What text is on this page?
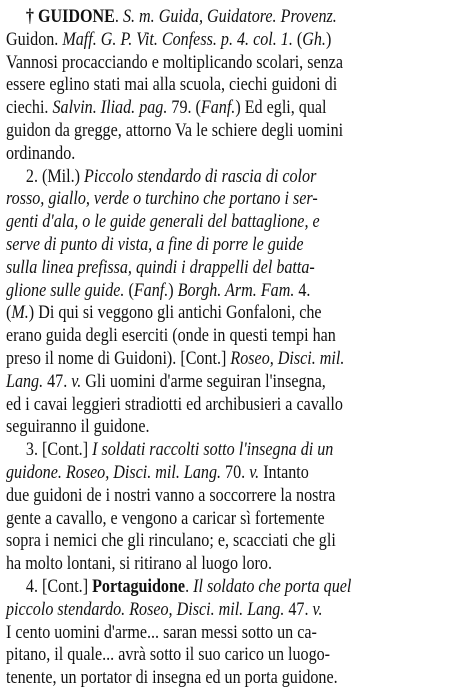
† GUIDONE. S. m. Guida, Guidatore. Provenz.
Guidon. Maff. G. P. Vit. Confess. p. 4. col. 1. (Gh.)
Vannosi procacciando e moltiplicando scolari, senza
essere eglino stati mai alla scuola, ciechi guidoni di
ciechi. Salvin. Iliad. pag. 79. (Fanf.) Ed egli, qual
guidon da gregge, attorno Va le schiere degli uomini
ordinando.
2. (Mil.) Piccolo stendardo di rascia di color
rosso, giallo, verde o turchino che portano i ser-
genti d'ala, o le guide generali del battaglione, e
serve di punto di vista, a fine di porre le guide
sulla linea prefissa, quindi i drappelli del batta-
glione sulle guide. (Fanf.) Borgh. Arm. Fam. 4.
(M.) Di qui si veggono gli antichi Gonfaloni, che
erano guida degli eserciti (onde in questi tempi han
preso il nome di Guidoni). [Cont.] Roseo, Disci. mil.
Lang. 47. v. Gli uomini d'arme seguiran l'insegna,
ed i cavai leggieri stradiotti ed archibusieri a cavallo
seguiranno il guidone.
3. [Cont.] I soldati raccolti sotto l'insegna di un
guidone. Roseo, Disci. mil. Lang. 70. v. Intanto
due guidoni de i nostri vanno a soccorrere la nostra
gente a cavallo, e vengono a caricar sì fortemente
sopra i nemici che gli rinculano; e, scacciati che gli
ha molto lontani, si ritirano al luogo loro.
4. [Cont.] Portaguidone. Il soldato che porta quel
piccolo stendardo. Roseo, Disci. mil. Lang. 47. v.
I cento uomini d'arme... saran messi sotto un ca-
pitano, il quale... avrà sotto il suo carico un luogo-
tenente, un portator di insegna ed un porta guidone.
